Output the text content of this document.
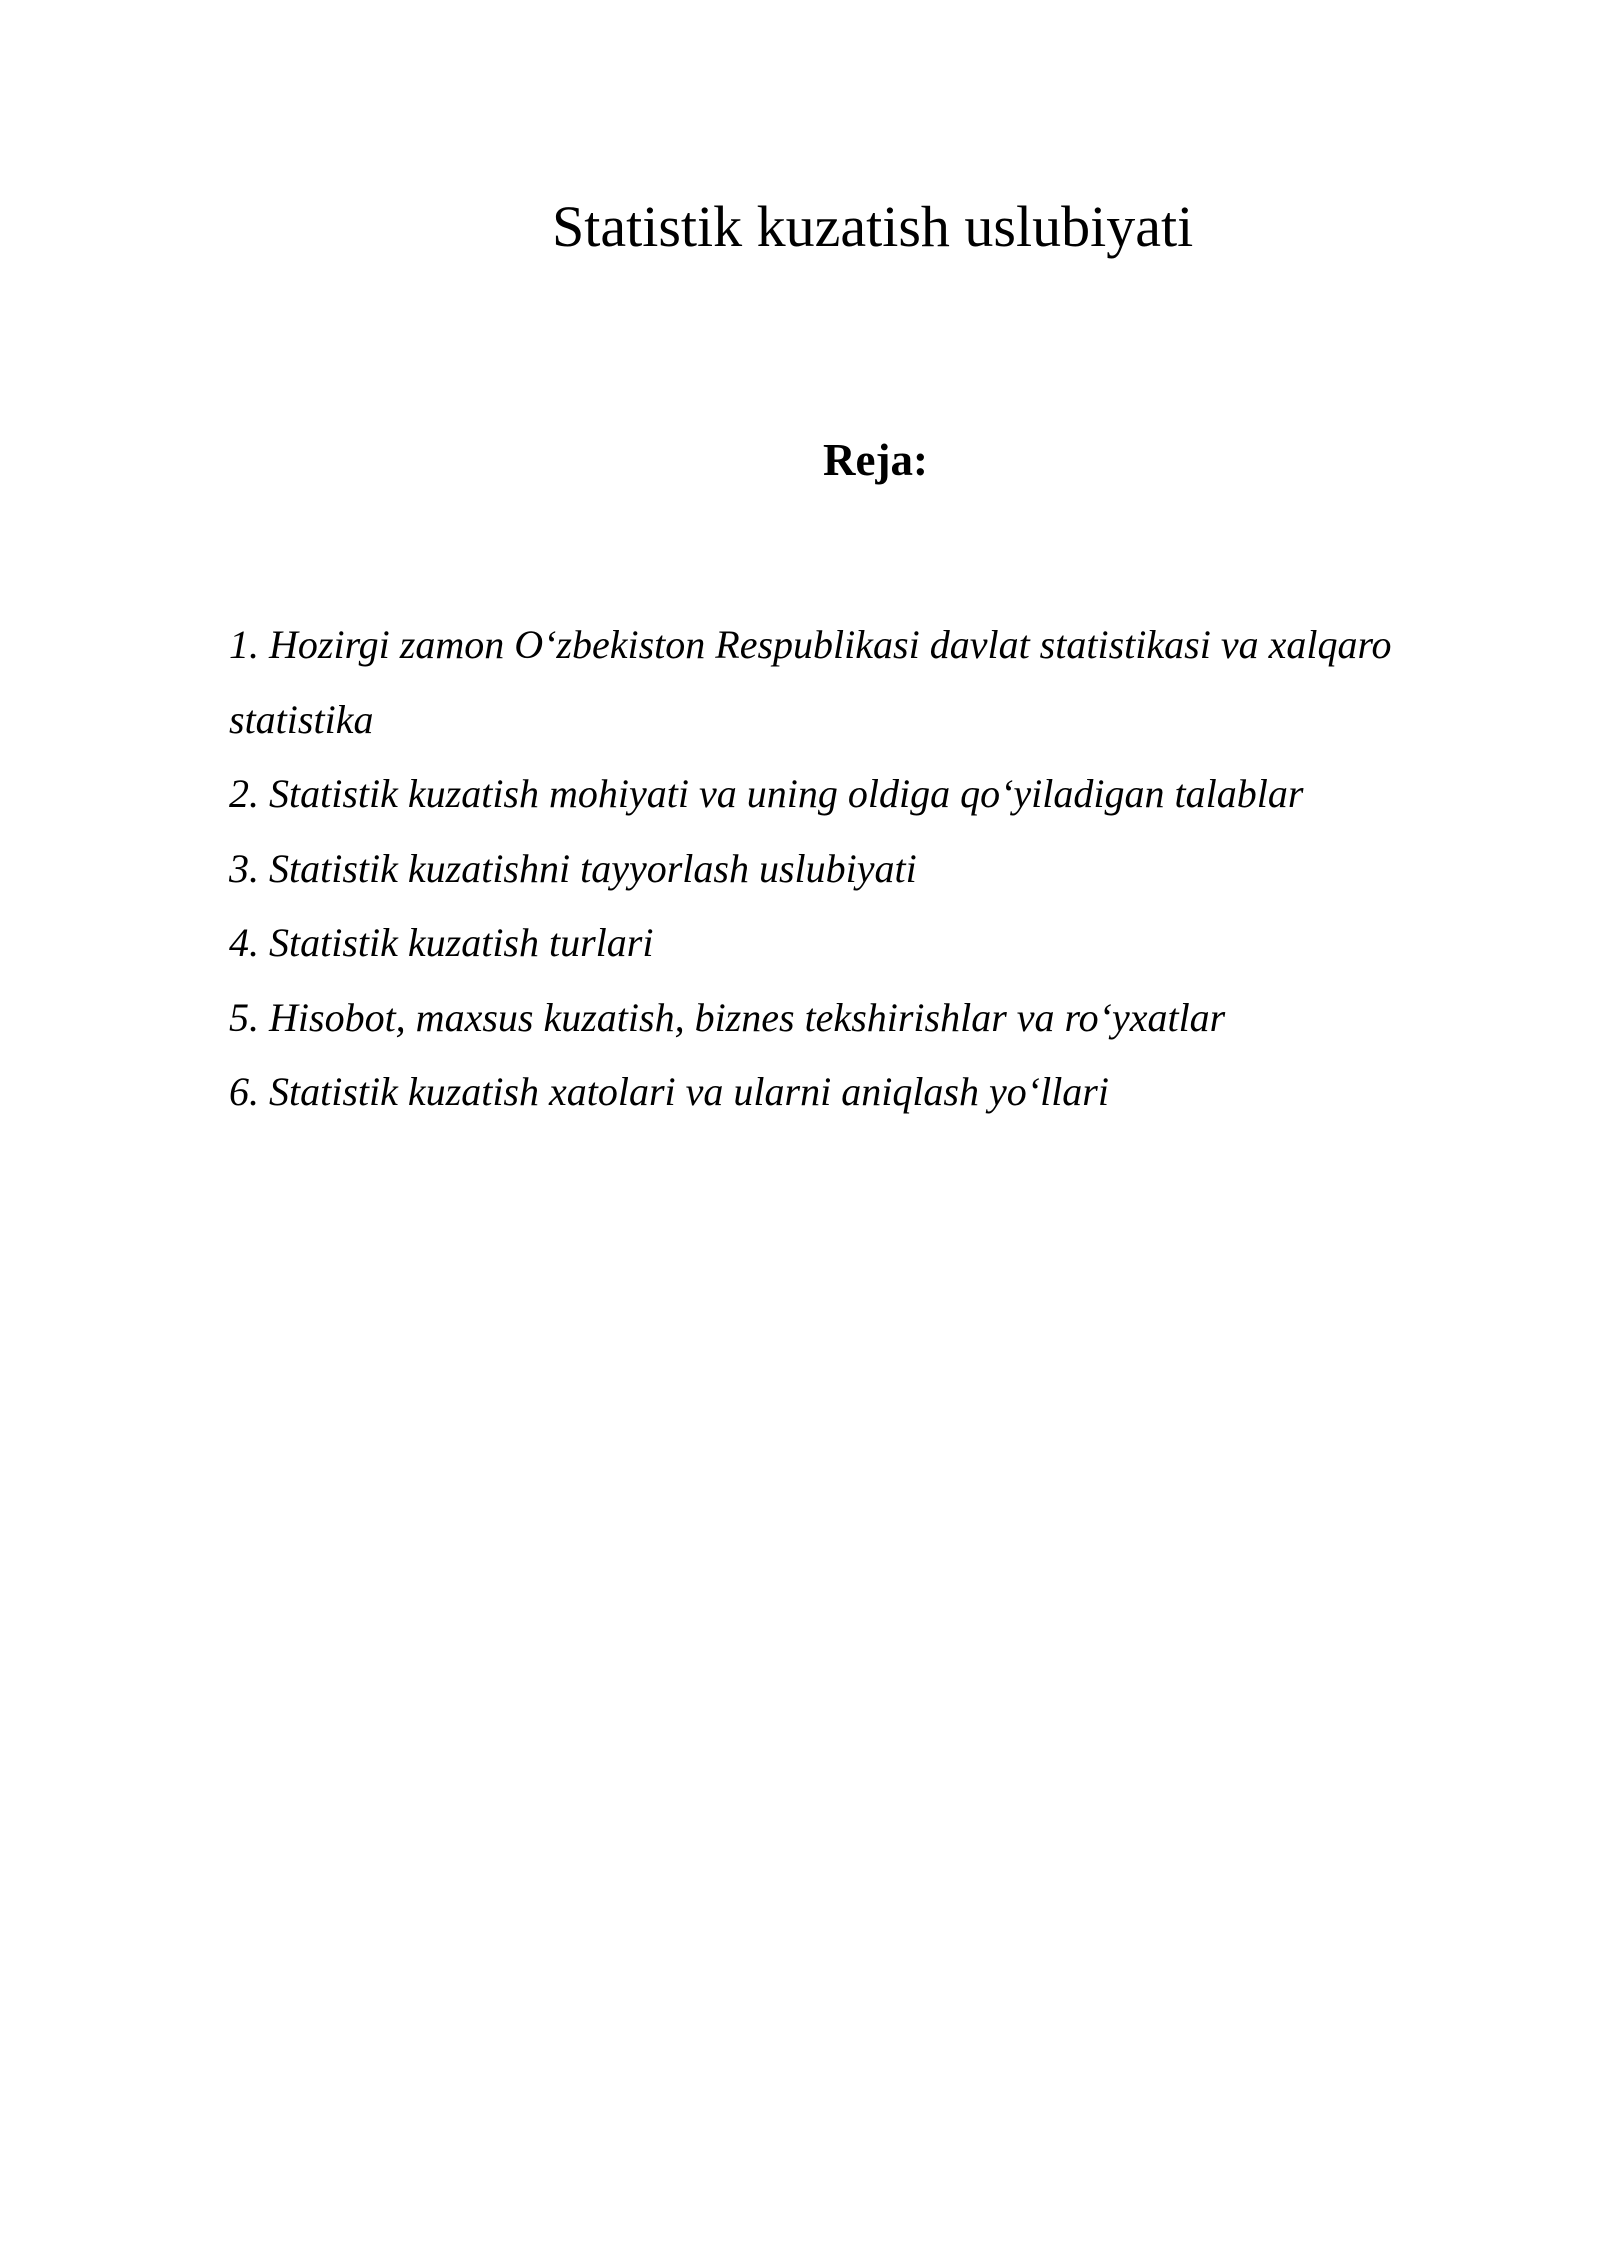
Statistik kuzatish uslubiyati
Reja:
1. Hozirgi zamon O‘zbekiston Respublikasi davlat statistikasi va xalqaro statistika
2. Statistik kuzatish mohiyati va uning oldiga qo‘yiladigan talablar
3. Statistik kuzatishni tayyorlash uslubiyati
4. Statistik kuzatish turlari
5. Hisobot, maxsus kuzatish, biznes tekshirishlar va ro‘yxatlar
6. Statistik kuzatish xatolari va ularni aniqlash yo‘llari
